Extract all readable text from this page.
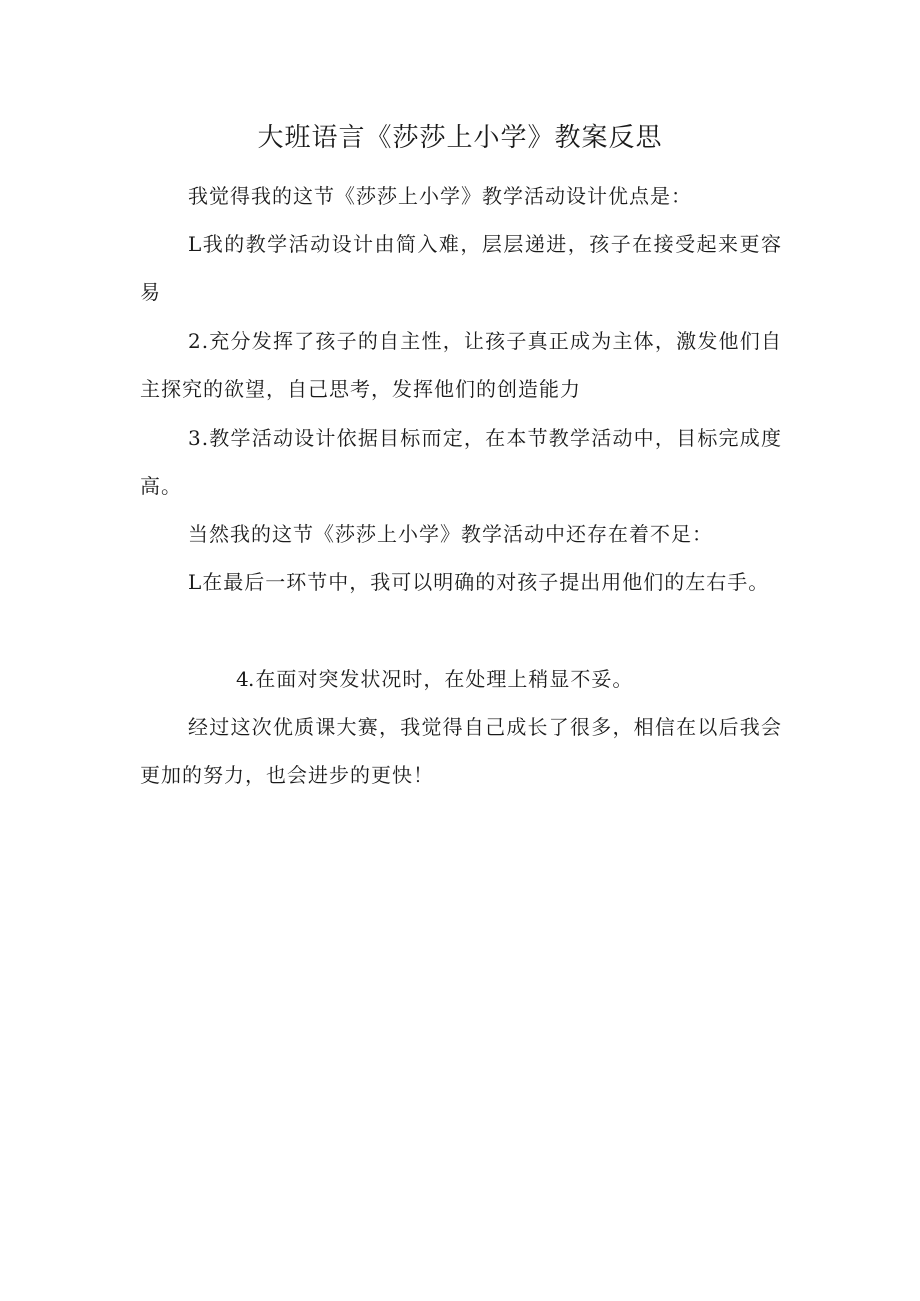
大班语言《莎莎上小学》教案反思

我觉得我的这节《莎莎上小学》教学活动设计优点是：

L我的教学活动设计由简入难，层层递进，孩子在接受起来更容易

2.充分发挥了孩子的自主性，让孩子真正成为主体，激发他们自主探究的欲望，自己思考，发挥他们的创造能力

3.教学活动设计依据目标而定，在本节教学活动中，目标完成度高。

当然我的这节《莎莎上小学》教学活动中还存在着不足：

L在最后一环节中，我可以明确的对孩子提出用他们的左右手。

4.在面对突发状况时，在处理上稍显不妥。

经过这次优质课大赛，我觉得自己成长了很多，相信在以后我会更加的努力，也会进步的更快！
